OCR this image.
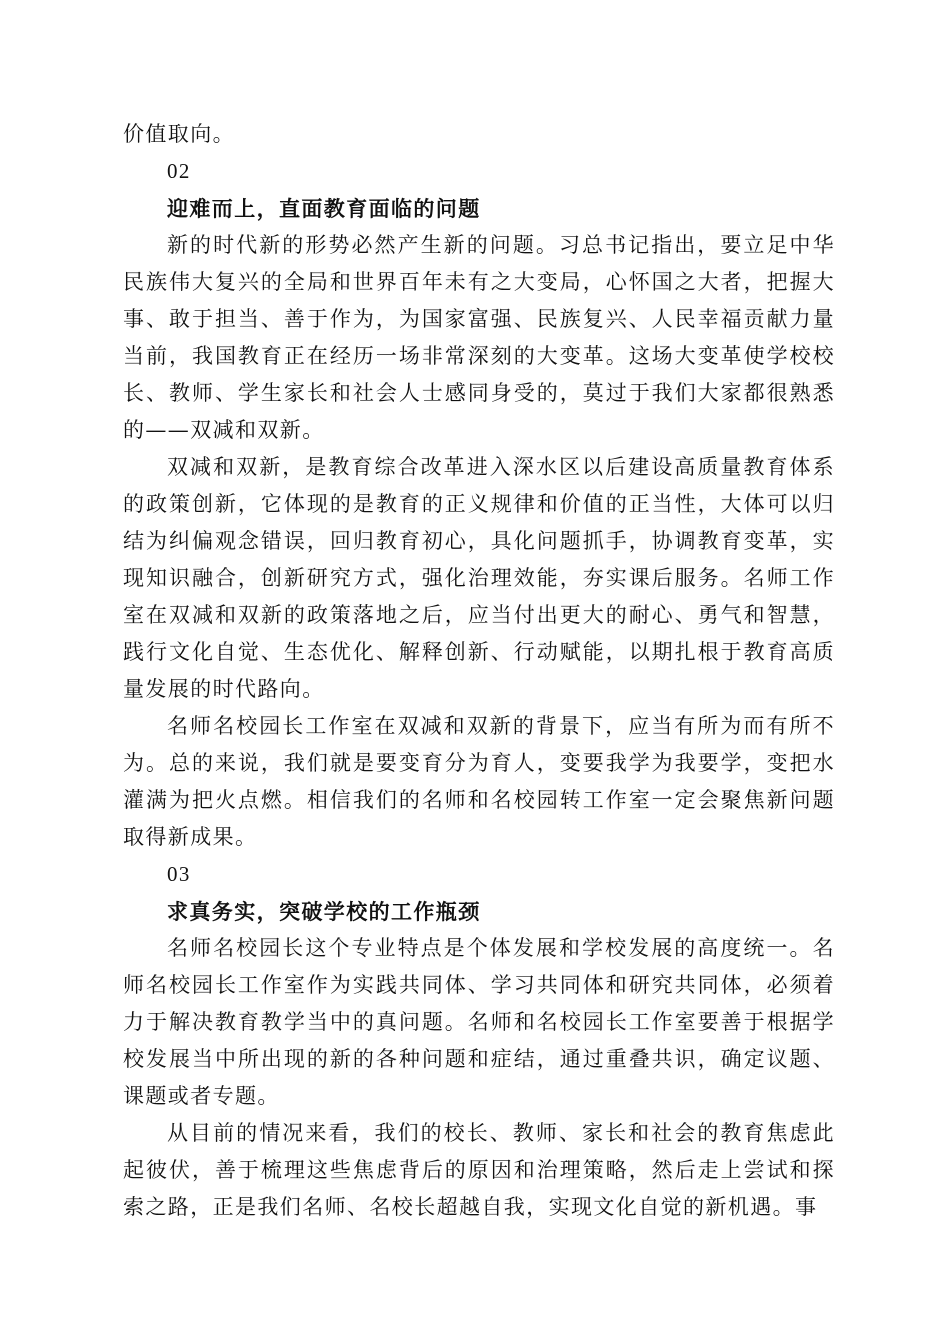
价值取向。

02

迎难而上，直面教育面临的问题

新的时代新的形势必然产生新的问题。习总书记指出，要立足中华民族伟大复兴的全局和世界百年未有之大变局，心怀国之大者，把握大事、敢于担当、善于作为，为国家富强、民族复兴、人民幸福贡献力量当前，我国教育正在经历一场非常深刻的大变革。这场大变革使学校校长、教师、学生家长和社会人士感同身受的，莫过于我们大家都很熟悉的——双减和双新。

双减和双新，是教育综合改革进入深水区以后建设高质量教育体系的政策创新，它体现的是教育的正义规律和价值的正当性，大体可以归结为纠偏观念错误，回归教育初心，具化问题抓手，协调教育变革，实现知识融合，创新研究方式，强化治理效能，夯实课后服务。名师工作室在双减和双新的政策落地之后，应当付出更大的耐心、勇气和智慧，践行文化自觉、生态优化、解释创新、行动赋能，以期扎根于教育高质量发展的时代路向。

名师名校园长工作室在双减和双新的背景下，应当有所为而有所不为。总的来说，我们就是要变育分为育人，变要我学为我要学，变把水灌满为把火点燃。相信我们的名师和名校园转工作室一定会聚焦新问题取得新成果。

03

求真务实，突破学校的工作瓶颈

名师名校园长这个专业特点是个体发展和学校发展的高度统一。名师名校园长工作室作为实践共同体、学习共同体和研究共同体，必须着力于解决教育教学当中的真问题。名师和名校园长工作室要善于根据学校发展当中所出现的新的各种问题和症结，通过重叠共识，确定议题、课题或者专题。

从目前的情况来看，我们的校长、教师、家长和社会的教育焦虑此起彼伏，善于梳理这些焦虑背后的原因和治理策略，然后走上尝试和探索之路，正是我们名师、名校长超越自我，实现文化自觉的新机遇。事
